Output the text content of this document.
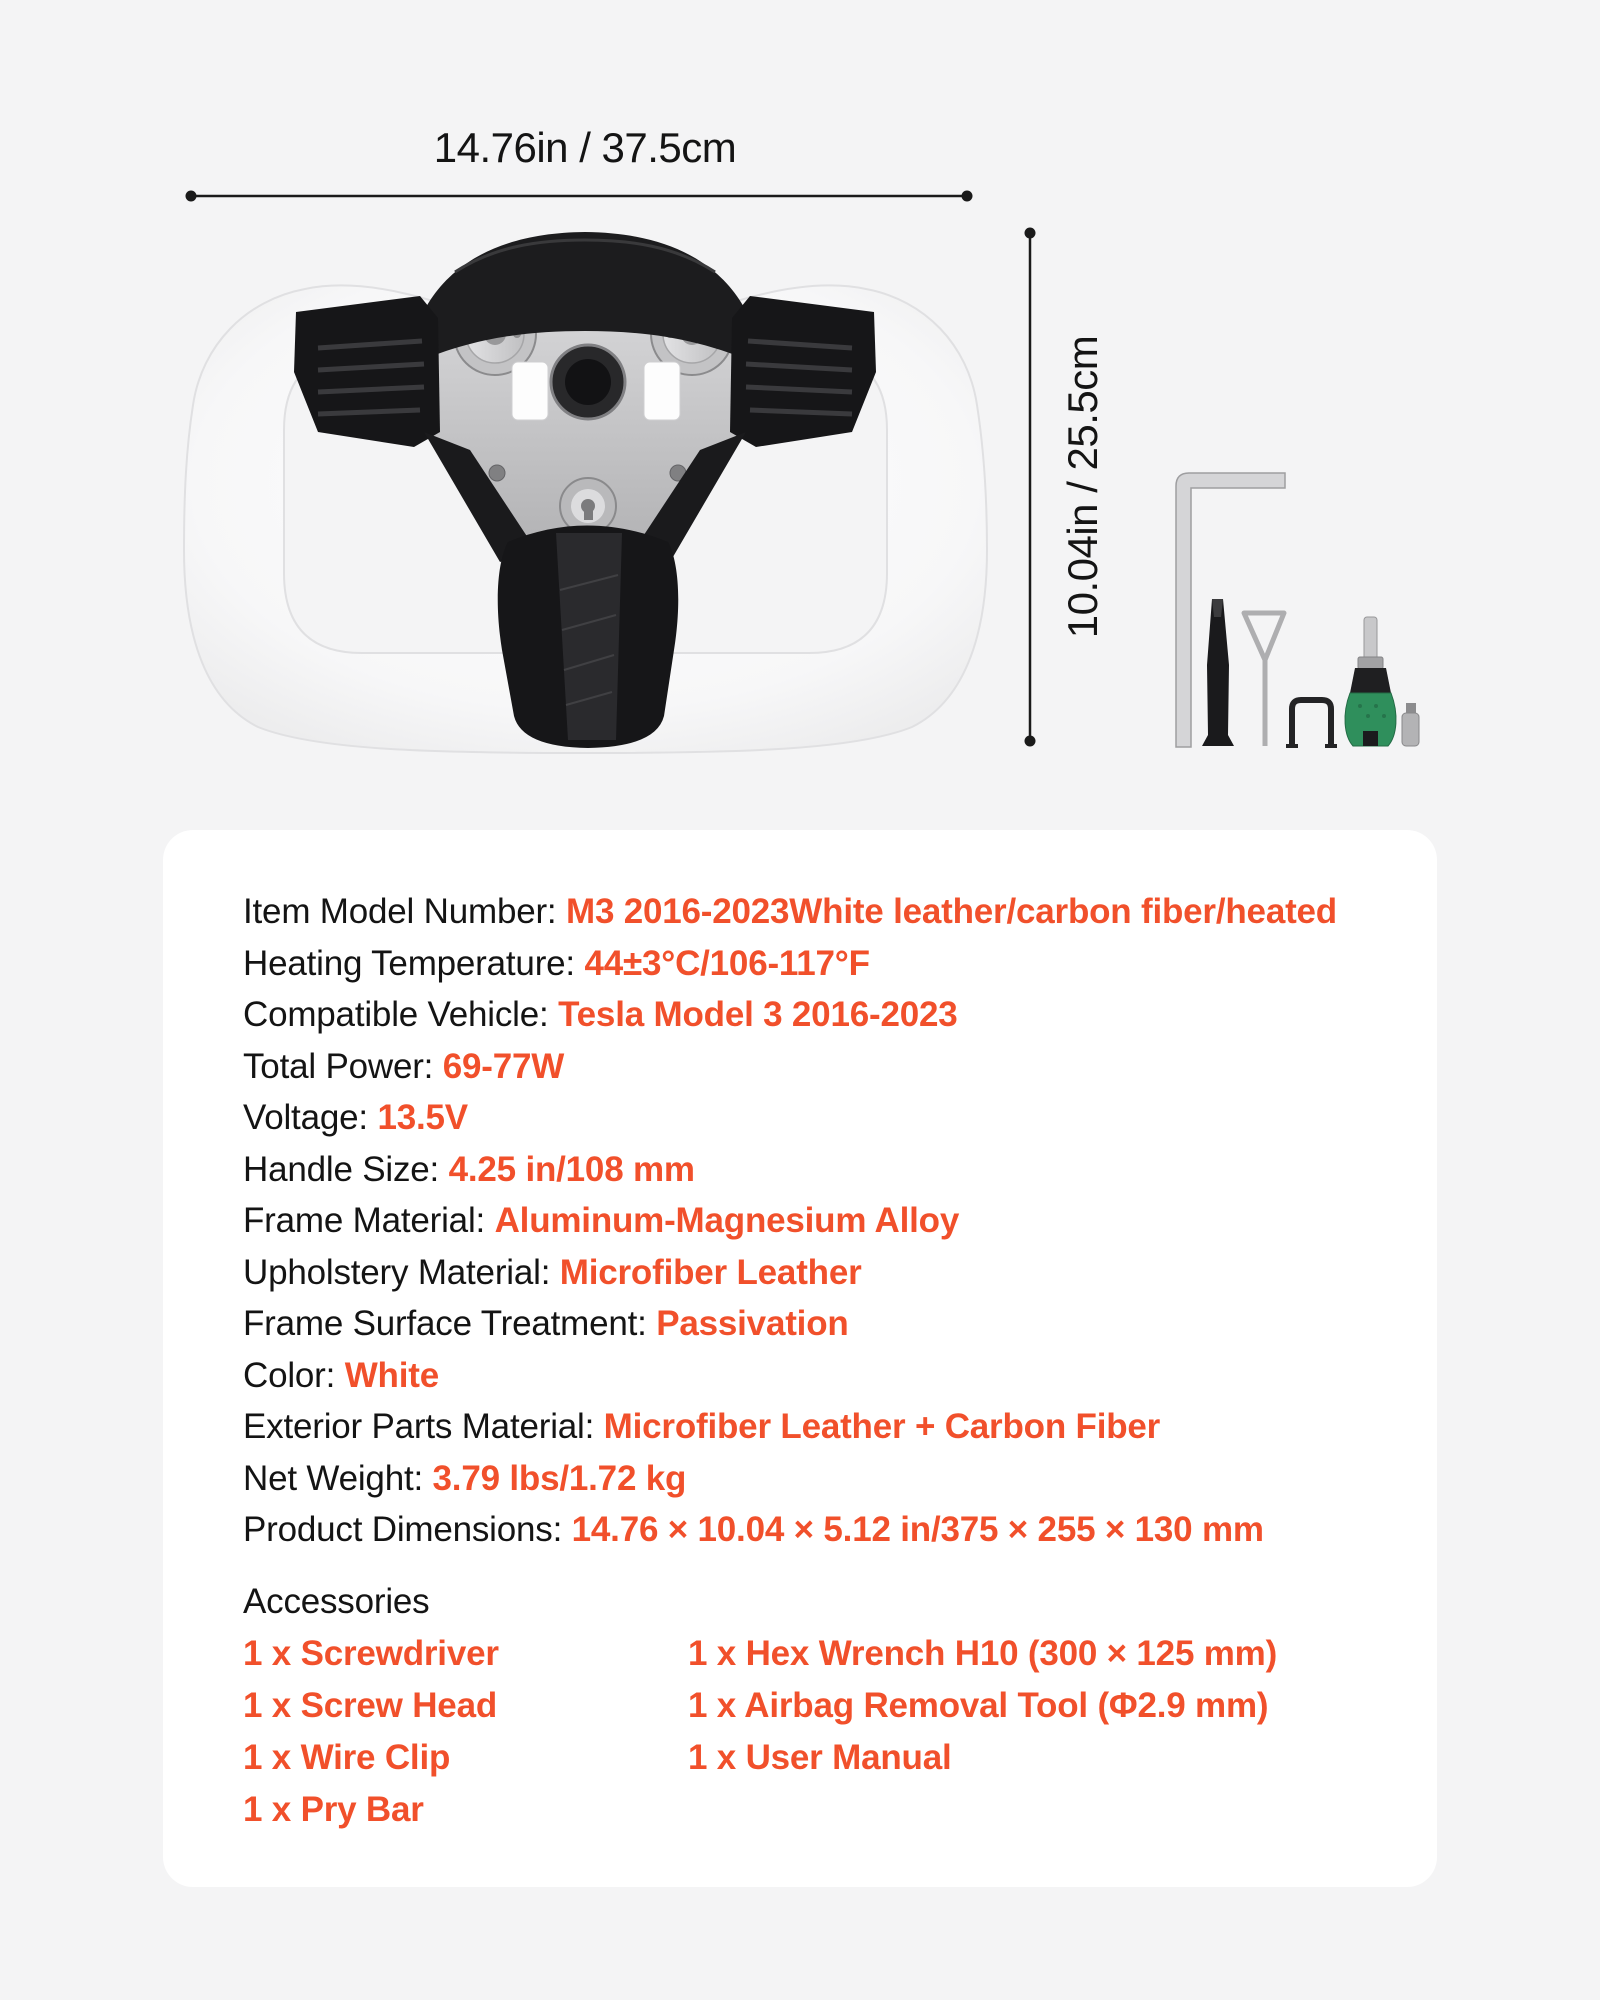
14.76in / 37.5cm
10.04in / 25.5cm
Item Model Number: M3 2016-2023White leather/carbon fiber/heated
Heating Temperature: 44±3°C/106-117°F
Compatible Vehicle: Tesla Model 3 2016-2023
Total Power: 69-77W
Voltage: 13.5V
Handle Size: 4.25 in/108 mm
Frame Material: Aluminum-Magnesium Alloy
Upholstery Material: Microfiber Leather
Frame Surface Treatment: Passivation
Color: White
Exterior Parts Material: Microfiber Leather + Carbon Fiber
Net Weight: 3.79 lbs/1.72 kg
Product Dimensions: 14.76 × 10.04 × 5.12 in/375 × 255 × 130 mm
Accessories
1 x Screwdriver	1 x Hex Wrench H10 (300 × 125 mm)
1 x Screw Head	1 x Airbag Removal Tool (Φ2.9 mm)
1 x Wire Clip	1 x User Manual
1 x Pry Bar
